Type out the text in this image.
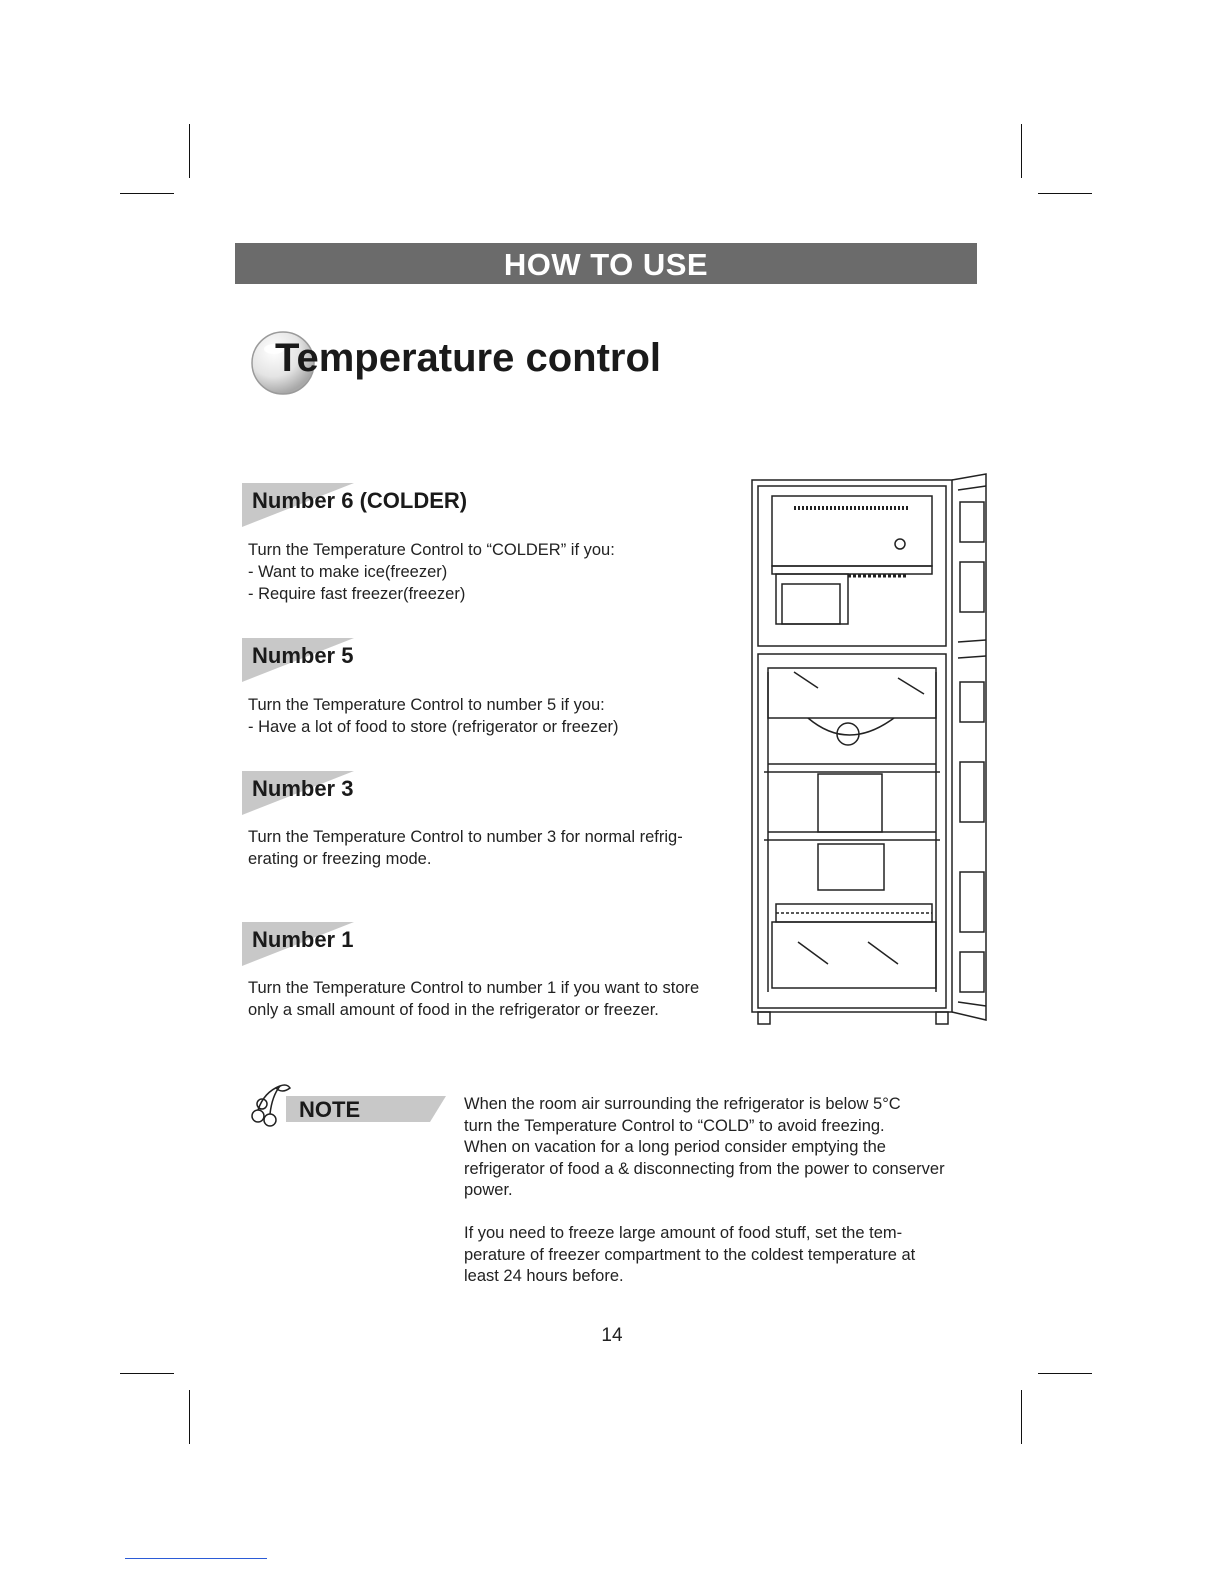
HOW TO USE
Temperature control
Number 6 (COLDER)
Turn the Temperature Control to “COLDER” if you:
- Want to make ice(freezer)
- Require fast freezer(freezer)
Number 5
Turn the Temperature Control to number 5 if you:
- Have a lot of food to store (refrigerator or freezer)
Number 3
Turn the Temperature Control to number 3 for normal refrig-
erating or freezing mode.
Number 1
Turn the Temperature Control to number 1 if you want to store
only a small amount of food in the refrigerator or freezer.
NOTE	When the room air surrounding the refrigerator is below 5°C
turn the Temperature Control to “COLD” to avoid freezing.
When on vacation for a long period consider emptying the
refrigerator of food a & disconnecting from the power to conserver
power.
If you need to freeze large amount of food stuff, set the tem-
perature of freezer compartment to the coldest temperature at
least 24 hours before.
14
